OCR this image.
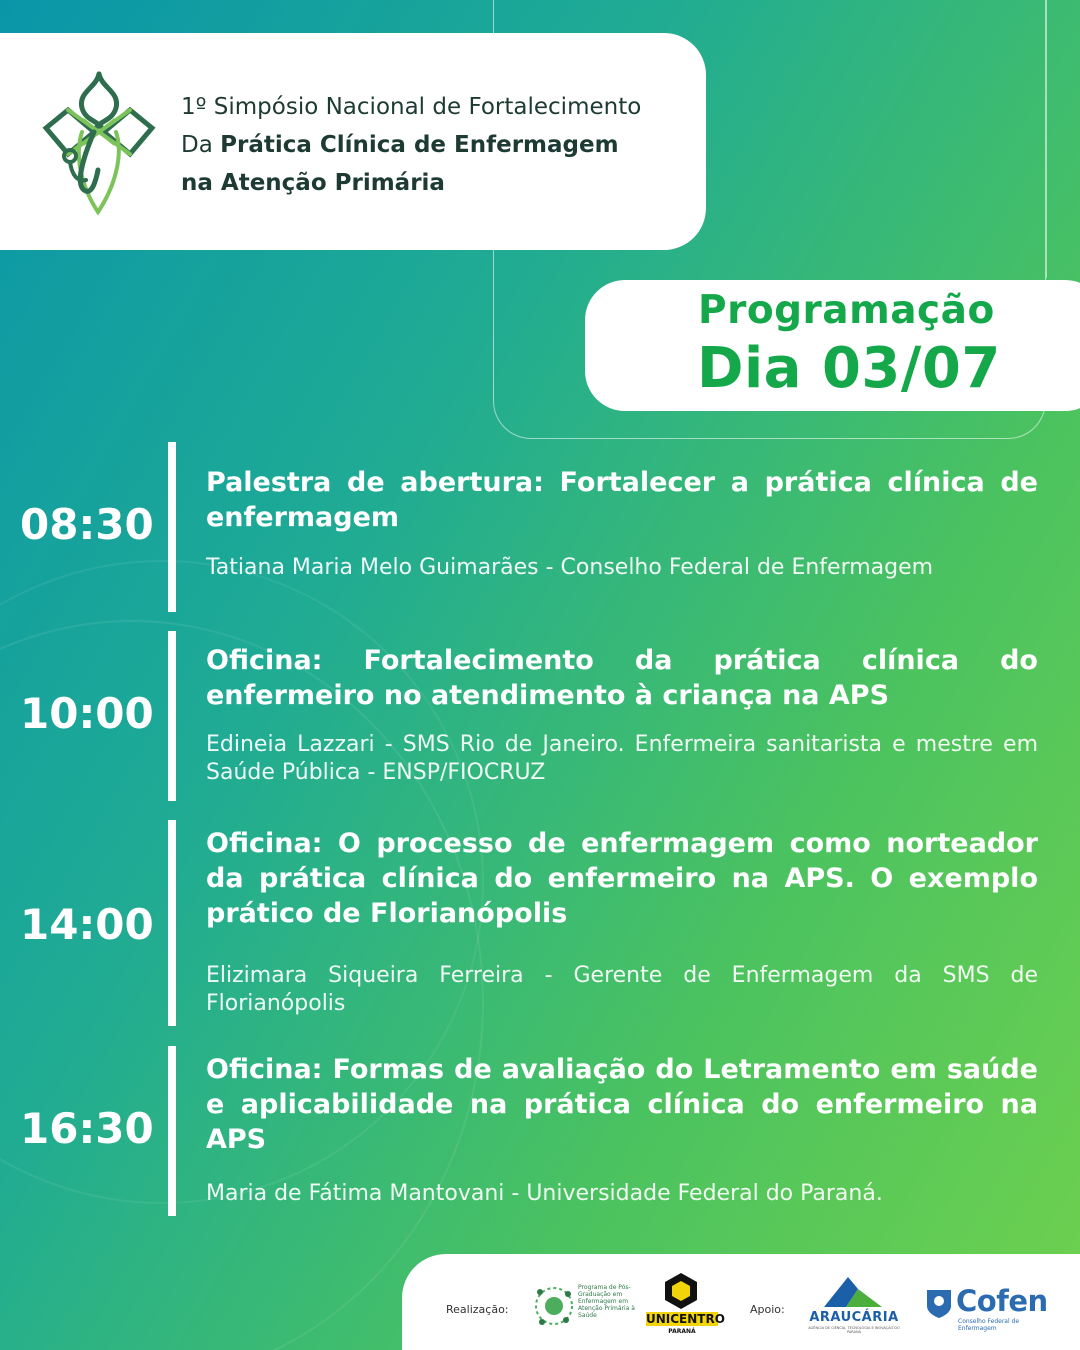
1º Simpósio Nacional de Fortalecimento
Da Prática Clínica de Enfermagem
na Atenção Primária
Programação
Dia 03/07
08:30
Palestra de abertura: Fortalecer a prática clínica de enfermagem
Tatiana Maria Melo Guimarães - Conselho Federal de Enfermagem
10:00
Oficina: Fortalecimento da prática clínica do enfermeiro no atendimento à criança na APS
Edineia Lazzari - SMS Rio de Janeiro. Enfermeira sanitarista e mestre em Saúde Pública - ENSP/FIOCRUZ
14:00
Oficina: O processo de enfermagem como norteador da prática clínica do enfermeiro na APS. O exemplo prático de Florianópolis
Elizimara Siqueira Ferreira - Gerente de Enfermagem da SMS de Florianópolis
16:30
Oficina: Formas de avaliação do Letramento em saúde e aplicabilidade na prática clínica do enfermeiro na APS
Maria de Fátima Mantovani - Universidade Federal do Paraná.
Realização:
Programa de Pós-Graduação em Enfermagem em Atenção Primária à Saúde	UNICENTRO
PARANÁ
Apoio:
ARAUCÁRIA
AGÊNCIA DE CIÊNCIA, TECNOLOGIA E INOVAÇÃO DO PARANÁ
Cofen
Conselho Federal de Enfermagem
